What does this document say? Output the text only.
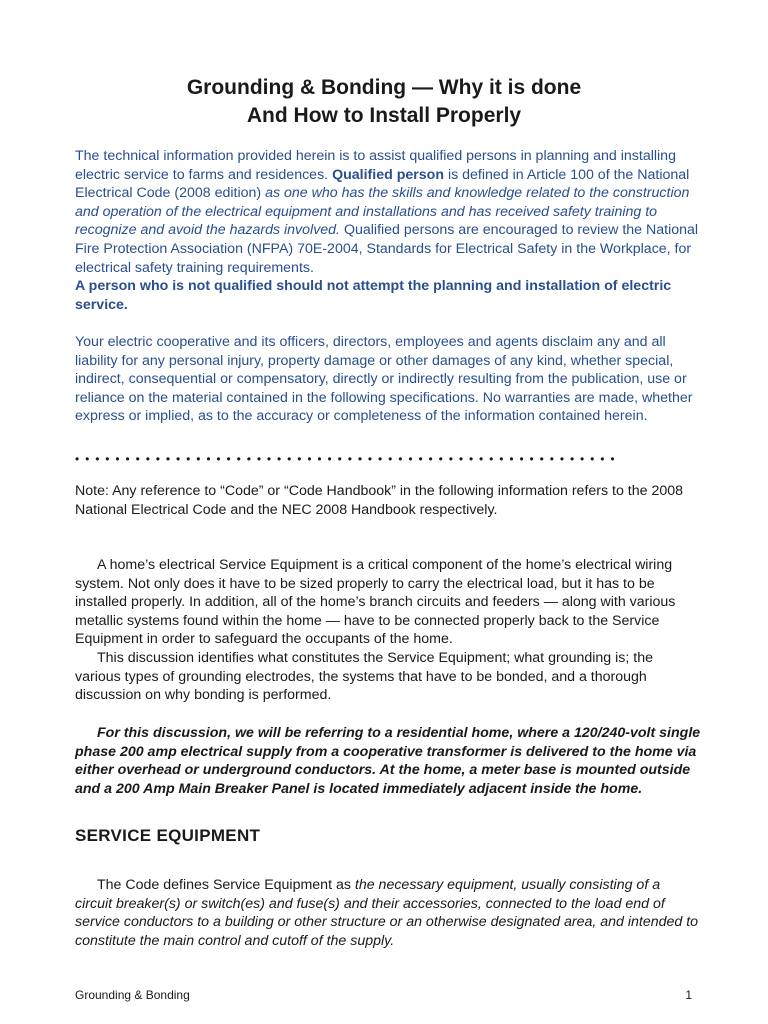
Grounding & Bonding — Why it is done
And How to Install Properly

The technical information provided herein is to assist qualified persons in planning and installing electric service to farms and residences. Qualified person is defined in Article 100 of the National Electrical Code (2008 edition) as one who has the skills and knowledge related to the construction and operation of the electrical equipment and installations and has received safety training to recognize and avoid the hazards involved. Qualified persons are encouraged to review the National Fire Protection Association (NFPA) 70E-2004, Standards for Electrical Safety in the Workplace, for electrical safety training requirements.
A person who is not qualified should not attempt the planning and installation of electric service.

Your electric cooperative and its officers, directors, employees and agents disclaim any and all liability for any personal injury, property damage or other damages of any kind, whether special, indirect, consequential or compensatory, directly or indirectly resulting from the publication, use or reliance on the material contained in the following specifications. No warranties are made, whether express or implied, as to the accuracy or completeness of the information contained herein.

••••••••••••••••••••••••••••••••••••••••••••••••••••••

Note: Any reference to “Code” or “Code Handbook” in the following information refers to the 2008 National Electrical Code and the NEC 2008 Handbook respectively.

A home’s electrical Service Equipment is a critical component of the home’s electrical wiring system. Not only does it have to be sized properly to carry the electrical load, but it has to be installed properly. In addition, all of the home’s branch circuits and feeders — along with various metallic systems found within the home — have to be connected properly back to the Service Equipment in order to safeguard the occupants of the home.

This discussion identifies what constitutes the Service Equipment; what grounding is; the various types of grounding electrodes, the systems that have to be bonded, and a thorough discussion on why bonding is performed.

For this discussion, we will be referring to a residential home, where a 120/240-volt single phase 200 amp electrical supply from a cooperative transformer is delivered to the home via either overhead or underground conductors. At the home, a meter base is mounted outside and a 200 Amp Main Breaker Panel is located immediately adjacent inside the home.

SERVICE EQUIPMENT

The Code defines Service Equipment as the necessary equipment, usually consisting of a circuit breaker(s) or switch(es) and fuse(s) and their accessories, connected to the load end of service conductors to a building or other structure or an otherwise designated area, and intended to constitute the main control and cutoff of the supply.

Grounding & Bonding	1
